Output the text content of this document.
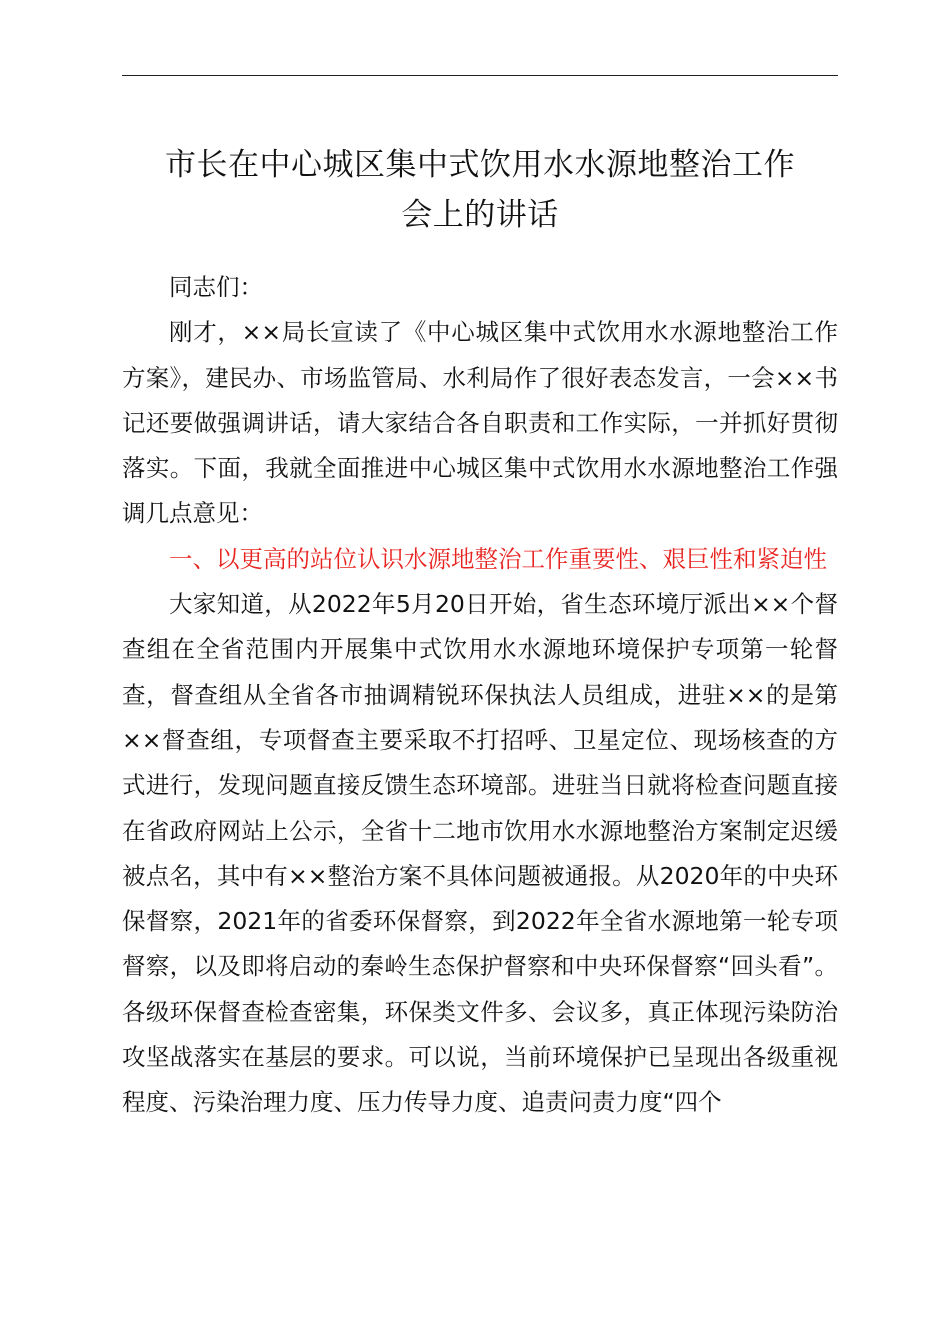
市长在中心城区集中式饮用水水源地整治工作
会上的讲话

同志们：

刚才，××局长宣读了《中心城区集中式饮用水水源地整治工作方案》，建民办、市场监管局、水利局作了很好表态发言，一会××书记还要做强调讲话，请大家结合各自职责和工作实际，一并抓好贯彻落实。下面，我就全面推进中心城区集中式饮用水水源地整治工作强调几点意见：

一、以更高的站位认识水源地整治工作重要性、艰巨性和紧迫性

大家知道，从2022年5月20日开始，省生态环境厅派出××个督查组在全省范围内开展集中式饮用水水源地环境保护专项第一轮督查，督查组从全省各市抽调精锐环保执法人员组成，进驻××的是第××督查组，专项督查主要采取不打招呼、卫星定位、现场核查的方式进行，发现问题直接反馈生态环境部。进驻当日就将检查问题直接在省政府网站上公示，全省十二地市饮用水水源地整治方案制定迟缓被点名，其中有××整治方案不具体问题被通报。从2020年的中央环保督察，2021年的省委环保督察，到2022年全省水源地第一轮专项督察，以及即将启动的秦岭生态保护督察和中央环保督察“回头看”。各级环保督查检查密集，环保类文件多、会议多，真正体现污染防治攻坚战落实在基层的要求。可以说，当前环境保护已呈现出各级重视程度、污染治理力度、压力传导力度、追责问责力度“四个
